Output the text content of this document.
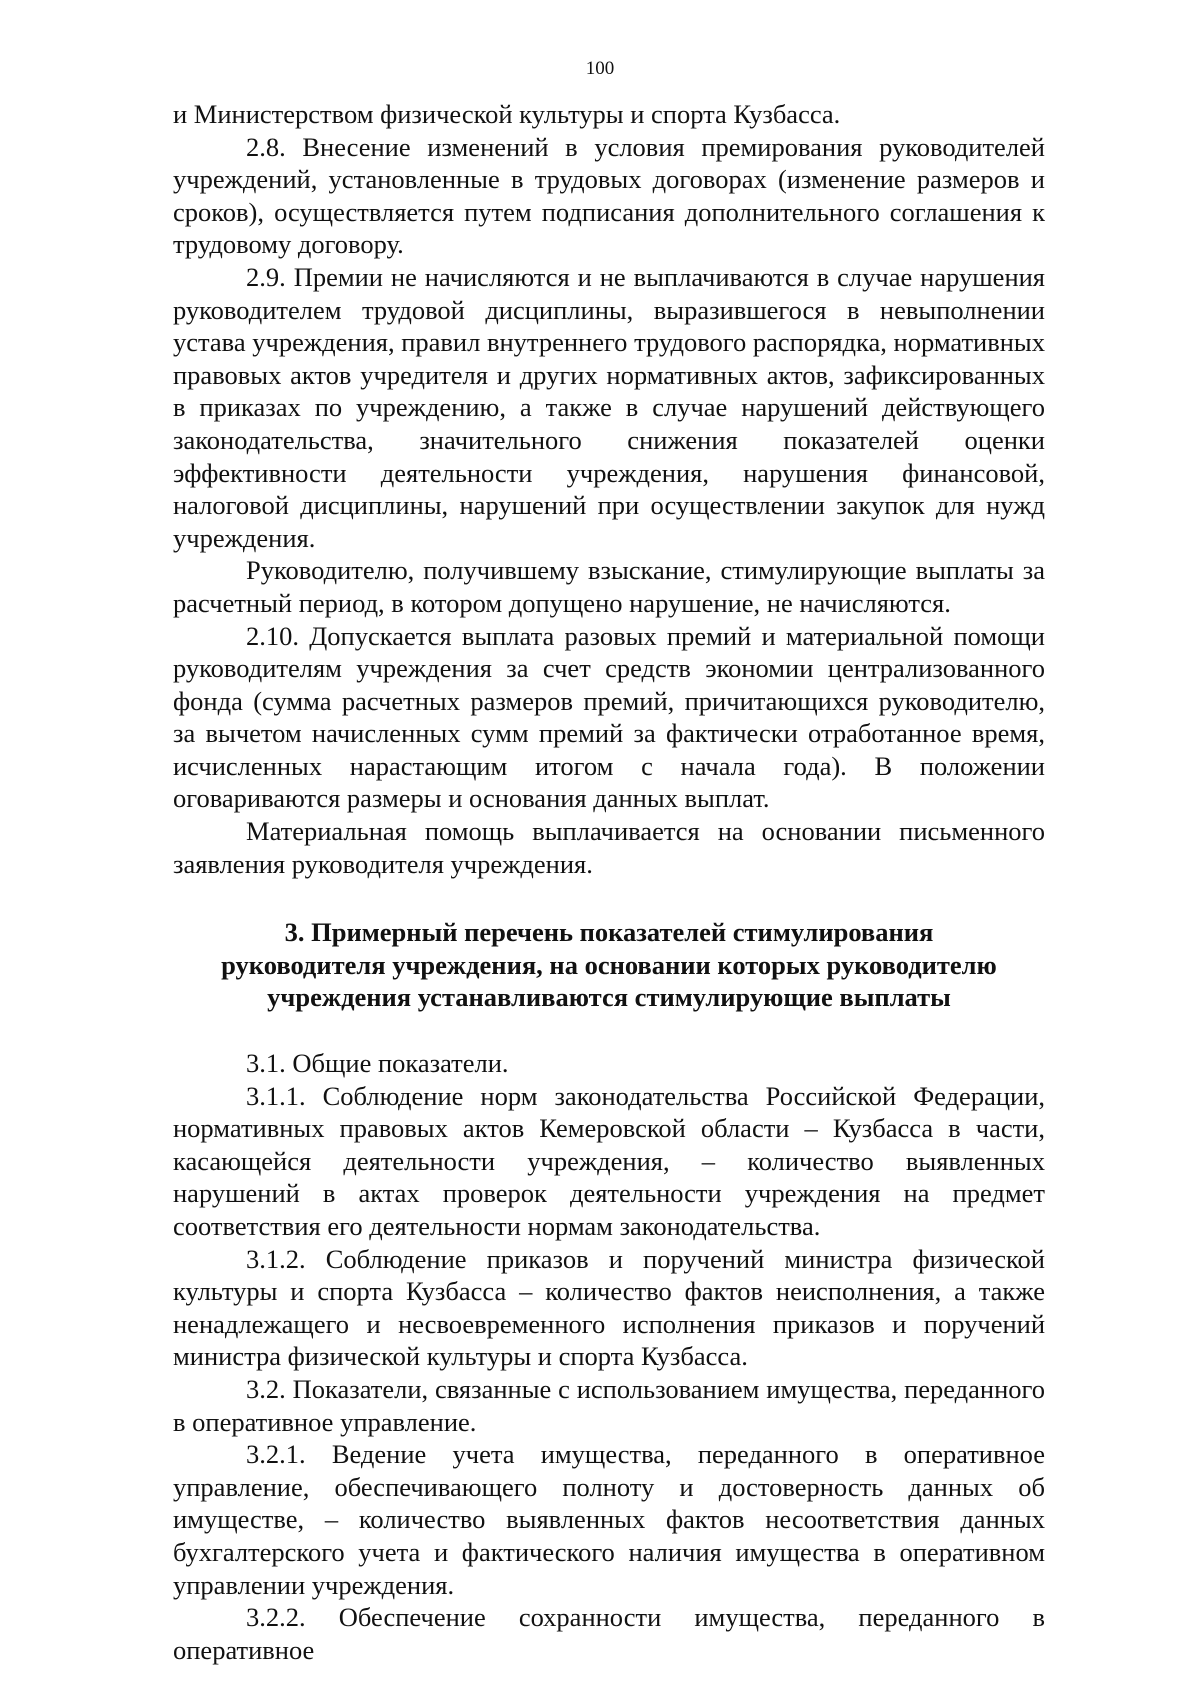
100

и Министерством физической культуры и спорта Кузбасса.

2.8. Внесение изменений в условия премирования руководителей учреждений, установленные в трудовых договорах (изменение размеров и сроков), осуществляется путем подписания дополнительного соглашения к трудовому договору.

2.9. Премии не начисляются и не выплачиваются в случае нарушения руководителем трудовой дисциплины, выразившегося в невыполнении устава учреждения, правил внутреннего трудового распорядка, нормативных правовых актов учредителя и других нормативных актов, зафиксированных в приказах по учреждению, а также в случае нарушений действующего законодательства, значительного снижения показателей оценки эффективности деятельности учреждения, нарушения финансовой, налоговой дисциплины, нарушений при осуществлении закупок для нужд учреждения.

Руководителю, получившему взыскание, стимулирующие выплаты за расчетный период, в котором допущено нарушение, не начисляются.

2.10. Допускается выплата разовых премий и материальной помощи руководителям учреждения за счет средств экономии централизованного фонда (сумма расчетных размеров премий, причитающихся руководителю, за вычетом начисленных сумм премий за фактически отработанное время, исчисленных нарастающим итогом с начала года). В положении оговариваются размеры и основания данных выплат.

Материальная помощь выплачивается на основании письменного заявления руководителя учреждения.

3. Примерный перечень показателей стимулирования
руководителя учреждения, на основании которых руководителю
учреждения устанавливаются стимулирующие выплаты

3.1. Общие показатели.

3.1.1. Соблюдение норм законодательства Российской Федерации, нормативных правовых актов Кемеровской области – Кузбасса в части, касающейся деятельности учреждения, – количество выявленных нарушений в актах проверок деятельности учреждения на предмет соответствия его деятельности нормам законодательства.

3.1.2. Соблюдение приказов и поручений министра физической культуры и спорта Кузбасса – количество фактов неисполнения, а также ненадлежащего и несвоевременного исполнения приказов и поручений министра физической культуры и спорта Кузбасса.

3.2. Показатели, связанные с использованием имущества, переданного в оперативное управление.

3.2.1. Ведение учета имущества, переданного в оперативное управление, обеспечивающего полноту и достоверность данных об имуществе, – количество выявленных фактов несоответствия данных бухгалтерского учета и фактического наличия имущества в оперативном управлении учреждения.

3.2.2. Обеспечение сохранности имущества, переданного в оперативное
